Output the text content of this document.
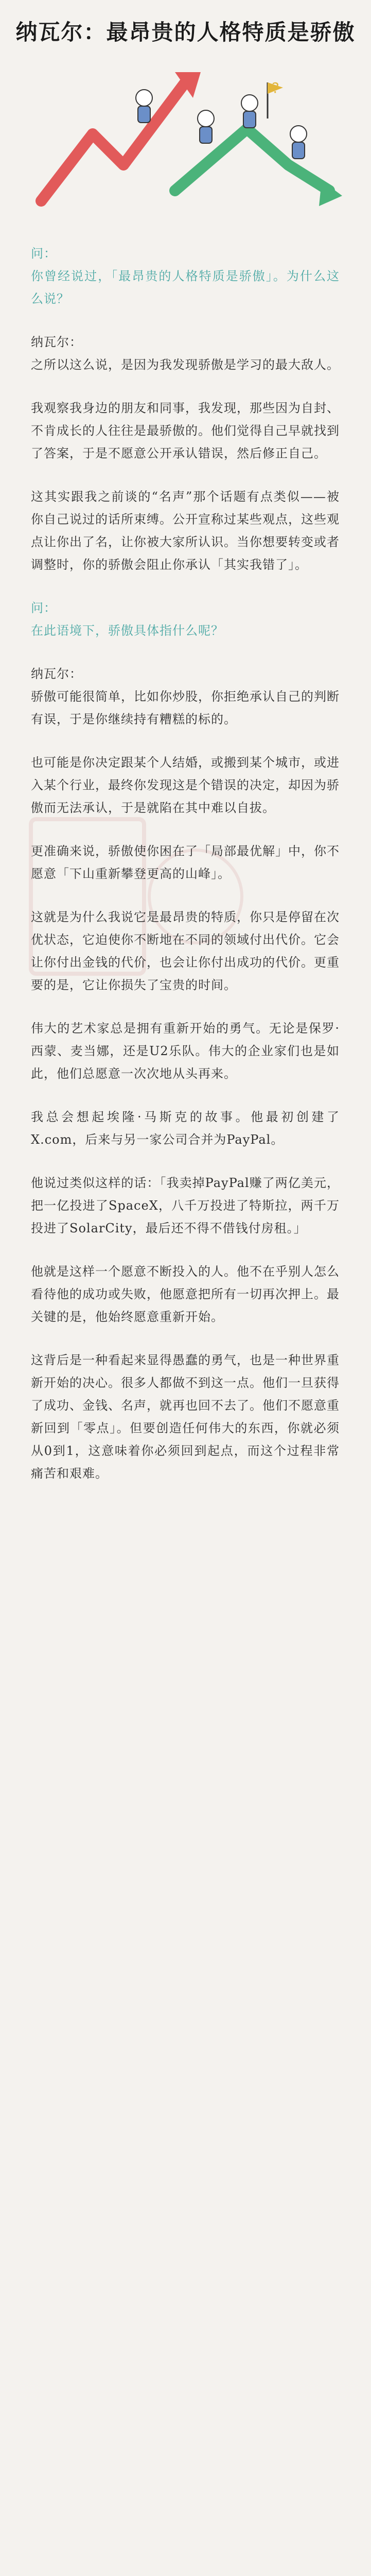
纳瓦尔：最昂贵的人格特质是骄傲
问：
你曾经说过，「最昂贵的人格特质是骄傲」。为什么这么说？
纳瓦尔：
之所以这么说，是因为我发现骄傲是学习的最大敌人。
我观察我身边的朋友和同事，我发现，那些因为自封、不肯成长的人往往是最骄傲的。他们觉得自己早就找到了答案，于是不愿意公开承认错误，然后修正自己。
这其实跟我之前谈的“名声”那个话题有点类似——被你自己说过的话所束缚。公开宣称过某些观点，这些观点让你出了名，让你被大家所认识。当你想要转变或者调整时，你的骄傲会阻止你承认「其实我错了」。
问：
在此语境下，骄傲具体指什么呢？
纳瓦尔：
骄傲可能很简单，比如你炒股，你拒绝承认自己的判断有误，于是你继续持有糟糕的标的。
也可能是你决定跟某个人结婚，或搬到某个城市，或进入某个行业，最终你发现这是个错误的决定，却因为骄傲而无法承认，于是就陷在其中难以自拔。
更准确来说，骄傲使你困在了「局部最优解」中，你不愿意「下山重新攀登更高的山峰」。
这就是为什么我说它是最昂贵的特质，你只是停留在次优状态，它迫使你不断地在不同的领域付出代价。它会让你付出金钱的代价，也会让你付出成功的代价。更重要的是，它让你损失了宝贵的时间。
伟大的艺术家总是拥有重新开始的勇气。无论是保罗·西蒙、麦当娜，还是U2乐队。伟大的企业家们也是如此，他们总愿意一次次地从头再来。
我总会想起埃隆·马斯克的故事。他最初创建了X.com，后来与另一家公司合并为PayPal。
他说过类似这样的话：「我卖掉PayPal赚了两亿美元，把一亿投进了SpaceX，八千万投进了特斯拉，两千万投进了SolarCity，最后还不得不借钱付房租。」
他就是这样一个愿意不断投入的人。他不在乎别人怎么看待他的成功或失败，他愿意把所有一切再次押上。最关键的是，他始终愿意重新开始。
这背后是一种看起来显得愚蠢的勇气，也是一种世界重新开始的决心。很多人都做不到这一点。他们一旦获得了成功、金钱、名声，就再也回不去了。他们不愿意重新回到「零点」。但要创造任何伟大的东西，你就必须从0到1，这意味着你必须回到起点，而这个过程非常痛苦和艰难。
